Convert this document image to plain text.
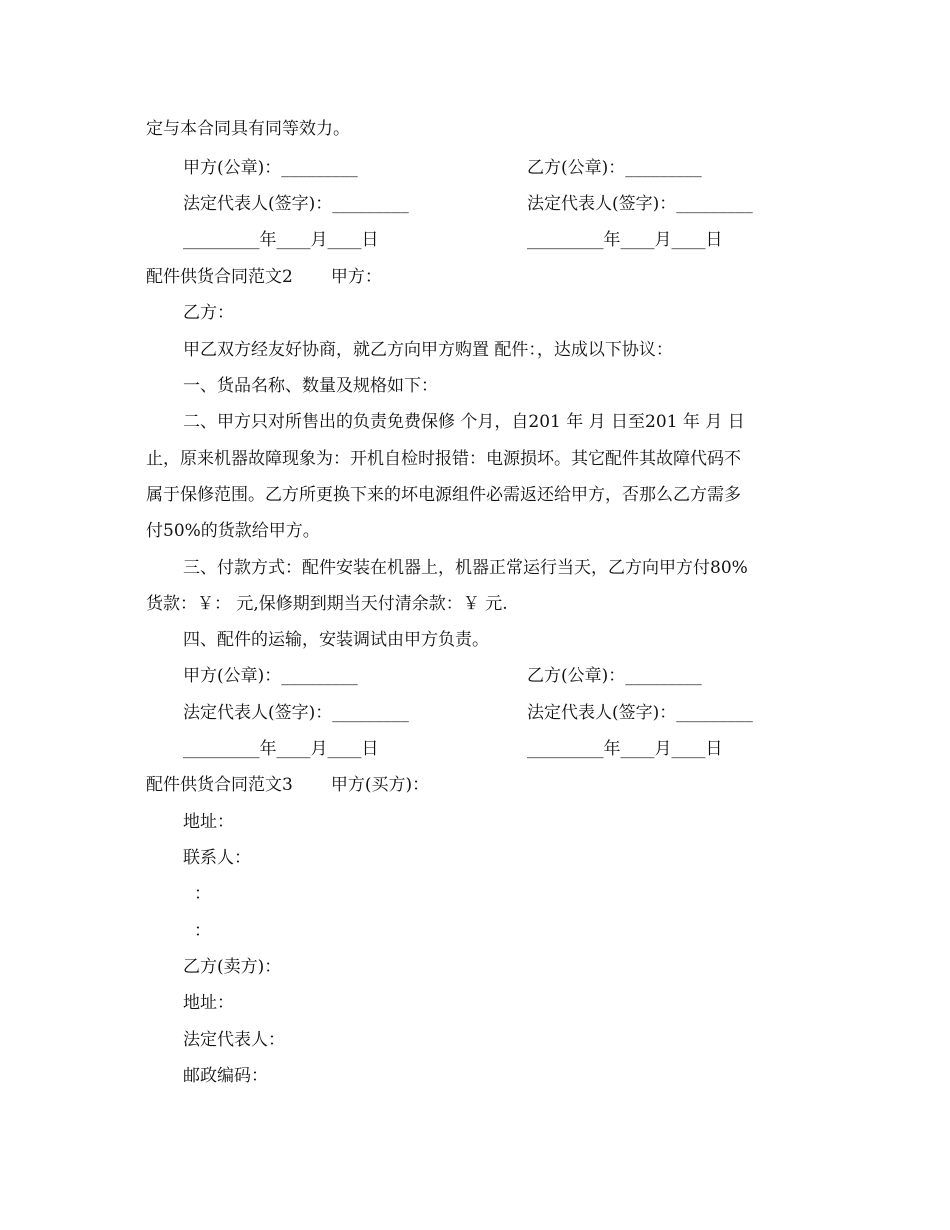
定与本合同具有同等效力。
甲方(公章)：_________	乙方(公章)：_________
法定代表人(签字)：_________	法定代表人(签字)：_________
_________年____月____日	_________年____月____日
配件供货合同范文2 甲方：
乙方：
甲乙双方经友好协商，就乙方向甲方购置 配件：，达成以下协议：
一、货品名称、数量及规格如下：
二、甲方只对所售出的负责免费保修 个月，自201 年 月 日至201 年 月 日
止，原来机器故障现象为：开机自检时报错：电源损坏。其它配件其故障代码不
属于保修范围。乙方所更换下来的坏电源组件必需返还给甲方，否那么乙方需多
付50%的货款给甲方。
三、付款方式：配件安装在机器上，机器正常运行当天，乙方向甲方付80%
货款：￥： 元,保修期到期当天付清余款：￥ 元.
四、配件的运输，安装调试由甲方负责。
甲方(公章)：_________	乙方(公章)：_________
法定代表人(签字)：_________	法定代表人(签字)：_________
_________年____月____日	_________年____月____日
配件供货合同范文3 甲方(买方)：
地址：
联系人：
：
：
乙方(卖方)：
地址：
法定代表人：
邮政编码：
